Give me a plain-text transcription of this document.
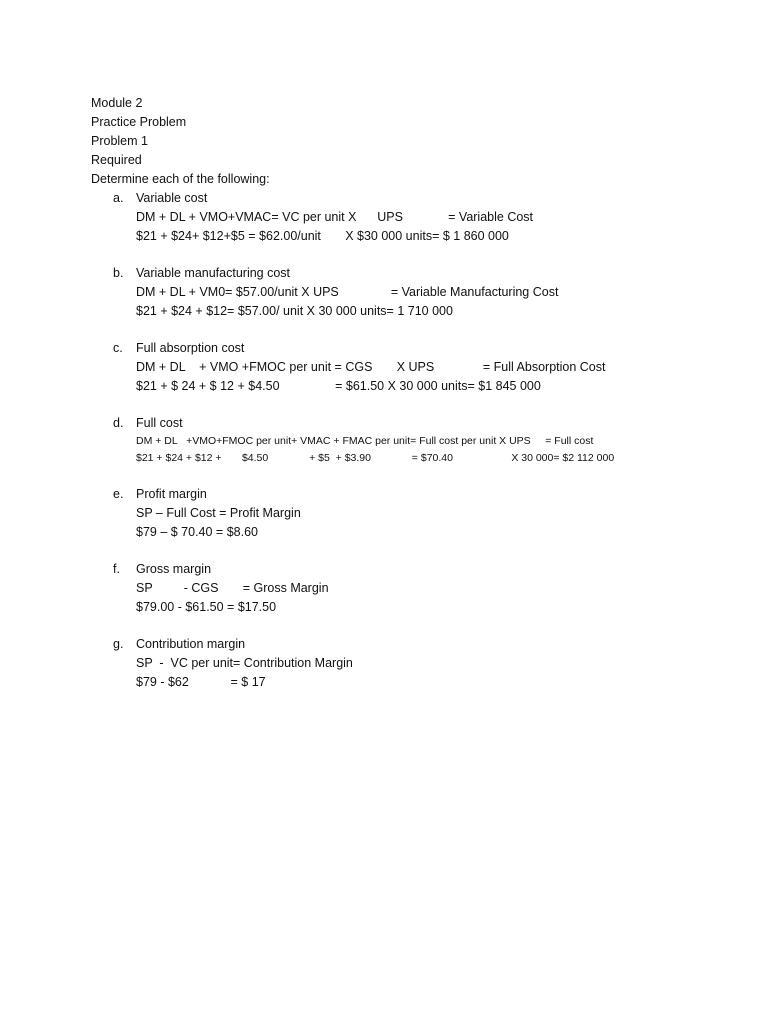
Module 2
Practice Problem
Problem 1
Required
Determine each of the following:
a. Variable cost
DM + DL + VMO+VMAC= VC per unit X      UPS             = Variable Cost
$21 + $24+ $12+$5 = $62.00/unit       X $30 000 units= $ 1 860 000
b. Variable manufacturing cost
DM + DL + VM0= $57.00/unit X UPS               = Variable Manufacturing Cost
$21 + $24 + $12= $57.00/ unit X 30 000 units= 1 710 000
c. Full absorption cost
DM + DL    + VMO +FMOC per unit = CGS       X UPS              = Full Absorption Cost
$21 + $ 24 + $ 12 + $4.50                = $61.50 X 30 000 units= $1 845 000
d. Full cost
DM + DL   +VMO+FMOC per unit+ VMAC + FMAC per unit= Full cost per unit X UPS     = Full cost
$21 + $24 + $12 +       $4.50              + $5  + $3.90              = $70.40                    X 30 000= $2 112 000
e. Profit margin
SP – Full Cost = Profit Margin
$79 – $ 70.40 = $8.60
f. Gross margin
SP         - CGS       = Gross Margin
$79.00 - $61.50 = $17.50
g. Contribution margin
SP  -  VC per unit= Contribution Margin
$79 - $62            = $ 17
